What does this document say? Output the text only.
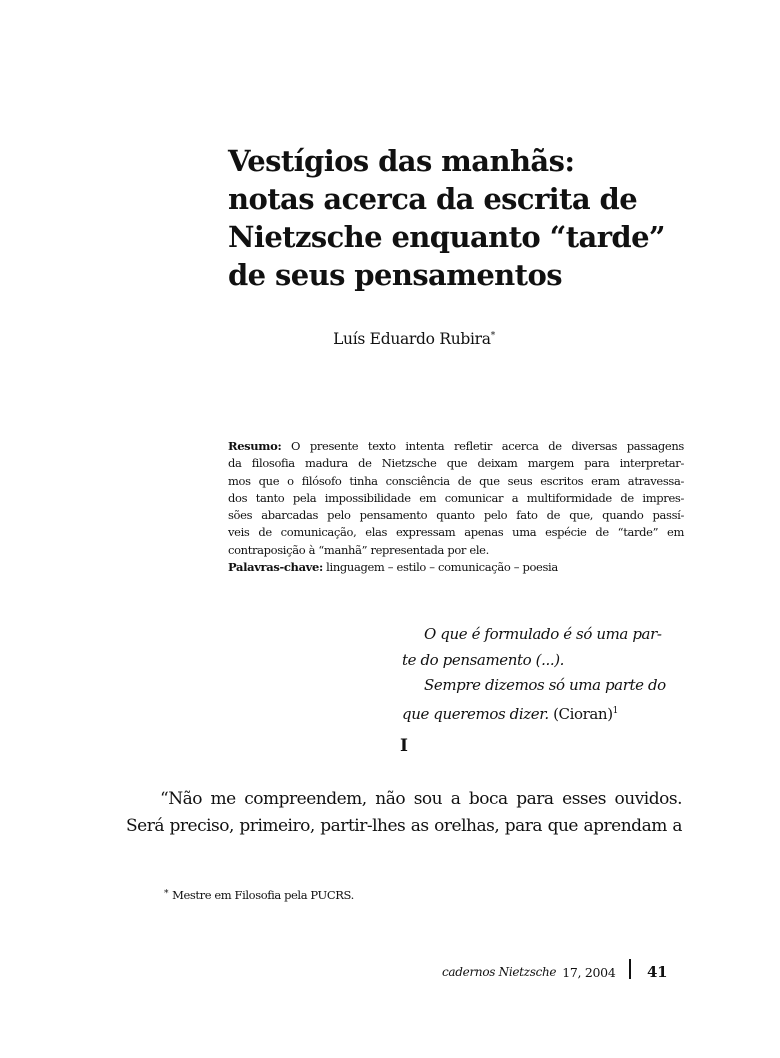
Vestígios das manhãs:
notas acerca da escrita de
Nietzsche enquanto “tarde”
de seus pensamentos
Luís Eduardo Rubira*
Resumo: O presente texto intenta refletir acerca de diversas passagens
da filosofia madura de Nietzsche que deixam margem para interpretar-
mos que o filósofo tinha consciência de que seus escritos eram atravessa-
dos tanto pela impossibilidade em comunicar a multiformidade de impres-
sões abarcadas pelo pensamento quanto pelo fato de que, quando passí-
veis de comunicação, elas expressam apenas uma espécie de “tarde” em
contraposição à “manhã” representada por ele.
Palavras-chave: linguagem – estilo – comunicação – poesia
O que é formulado é só uma par-
te do pensamento (...).
Sempre dizemos só uma parte do
que queremos dizer. (Cioran)$^1$
I
“Não me compreendem, não sou a boca para esses ouvidos.
Será preciso, primeiro, partir-lhes as orelhas, para que aprendam a
* Mestre em Filosofia pela PUCRS.
cadernos Nietzsche 17, 2004 41
